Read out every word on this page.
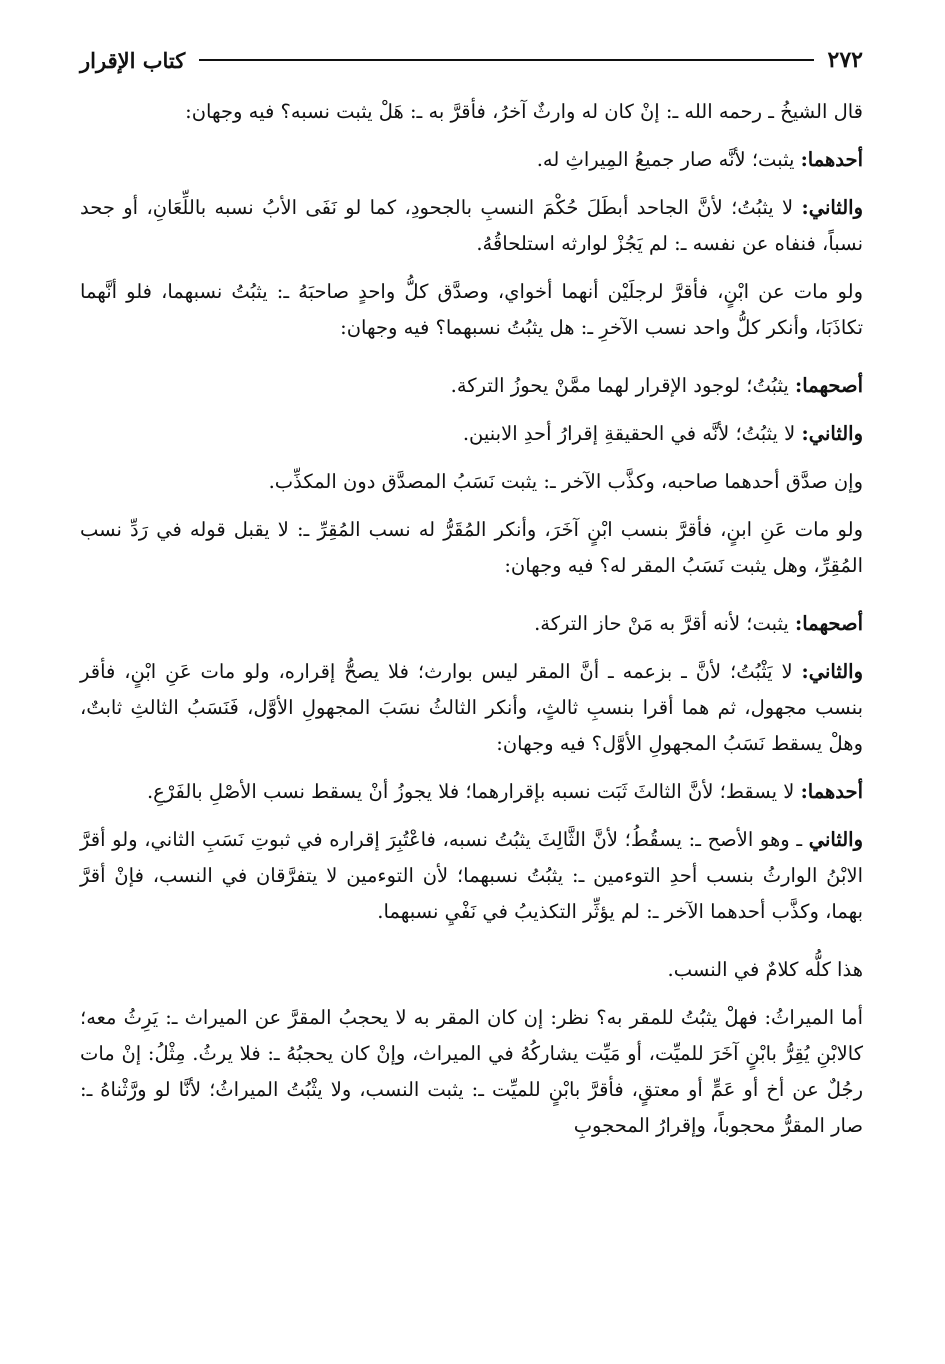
٢٧٢
كتاب الإقرار

قال الشيخُ ـ رحمه الله ـ: إنْ كان له وارثٌ آخرُ، فأقرَّ به ـ: هَلْ يثبت نسبه؟ فيه وجهان:

أحدهما: يثبت؛ لأنَّه صار جميعُ المِيراثِ له.

والثاني: لا يثبُتُ؛ لأنَّ الجاحد أبطَلَ حُكْمَ النسبِ بالجحودِ، كما لو نَفَى الأبُ نسبه باللِّعَانِ، أو جحد نسباً، فنفاه عن نفسه ـ: لم يَجُزْ لوارثه استلحاقُهُ.

ولو مات عن ابْنٍ، فأقرَّ لرجلَيْن أنهما أخواي، وصدَّق كلُّ واحدٍ صاحبَهُ ـ: يثبُتُ نسبهما، فلو أنَّهما تكاذَبَا، وأنكر كلُّ واحد نسب الآخرِ ـ: هل يثبُتُ نسبهما؟ فيه وجهان:

أصحهما: يثبُتُ؛ لوجود الإقرار لهما ممَّنْ يحوزُ التركة.

والثاني: لا يثبُتُ؛ لأنَّه في الحقيقةِ إقرارُ أحدِ الابنين.

وإن صدَّق أحدهما صاحبه، وكذَّب الآخر ـ: يثبت نَسَبُ المصدَّق دون المكذِّب.

ولو مات عَنِ ابنٍ، فأقرَّ بنسب ابْنٍ آخَرَ، وأنكر المُقَرُّ له نسب المُقِرِّ ـ: لا يقبل قوله في رَدِّ نسب المُقِرِّ، وهل يثبت نَسَبُ المقر له؟ فيه وجهان:

أصحهما: يثبت؛ لأنه أقرَّ به مَنْ حاز التركة.

والثاني: لا يَثْبُتُ؛ لأنَّ ـ بزعمه ـ أنَّ المقر ليس بوارث؛ فلا يصحُّ إقراره، ولو مات عَنِ ابْنٍ، فأقر بنسب مجهول، ثم هما أقرا بنسبِ ثالثٍ، وأنكر الثالثُ نسَبَ المجهولِ الأوَّل، فَنَسَبُ الثالثِ ثابتٌ، وهلْ يسقط نَسَبُ المجهولِ الأوَّل؟ فيه وجهان:

أحدهما: لا يسقط؛ لأنَّ الثالثَ ثَبَت نسبه بإقرارهما؛ فلا يجوزُ أنْ يسقط نسب الأصْلِ بالفَرْعِ.

والثاني ـ وهو الأصح ـ: يسقُطُ؛ لأنَّ الثَّالِثَ يثبُتُ نسبه، فاعْتُبِرَ إقراره في ثبوتِ نَسَبِ الثاني، ولو أقرَّ الابْنُ الوارثُ بنسب أحدِ التوءمين ـ: يثبُتُ نسبهما؛ لأن التوءمين لا يتفرَّقان في النسب، فإنْ أقرَّ بهما، وكذَّب أحدهما الآخر ـ: لم يؤثِّر التكذيبُ في نَفْيِ نسبهما.

هذا كلُّه كلامٌ في النسب.

أما الميراثُ: فهلْ يثبُتُ للمقر به؟ نظر: إن كان المقر به لا يحجبُ المقرَّ عن الميراث ـ: يَرِثُ معه؛ كالابْنِ يُقِرُّ بابْنٍ آخَرَ للميِّت، أو مَيِّت يشاركُهُ في الميراث، وإنْ كان يحجبُهُ ـ: فلا يرثُ. مِثْلُ: إنْ مات رجُلٌ عن أخ أو عَمٍّ أو معتقٍ، فأقرَّ بابْنٍ للميِّت ـ: يثبت النسب، ولا يثْبُتُ الميراثُ؛ لأنَّا لو ورَّثْناهُ ـ: صار المقرُّ محجوباً، وإقرارُ المحجوبِ
